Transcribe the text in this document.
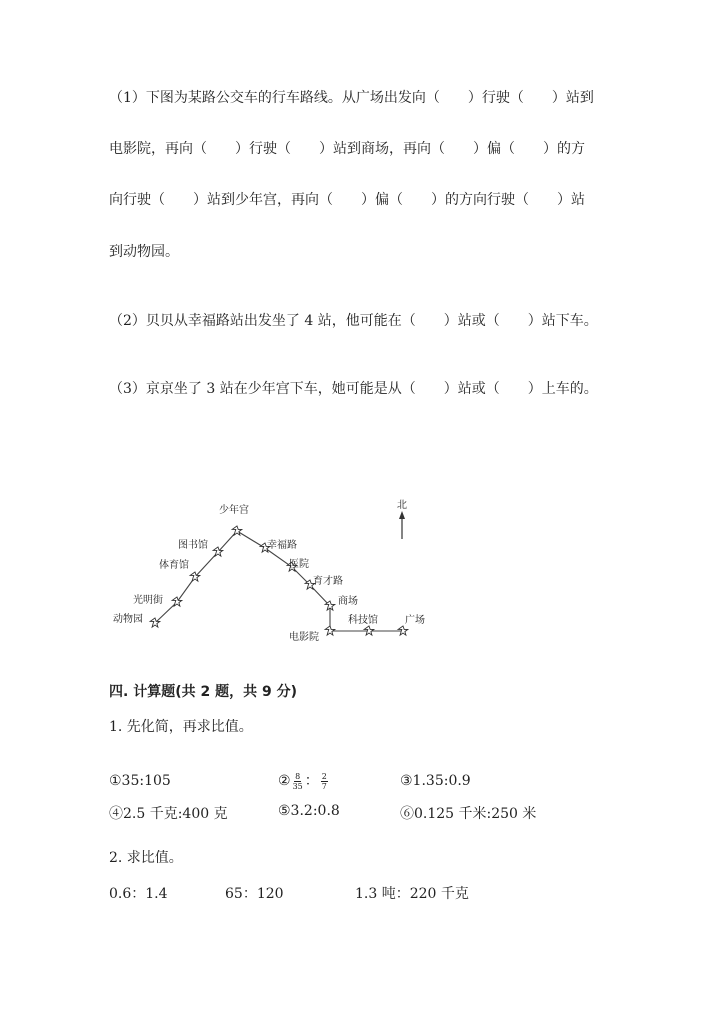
（1）下图为某路公交车的行车路线。从广场出发向（　　）行驶（　　）站到
电影院，再向（　　）行驶（　　）站到商场，再向（　　）偏（　　）的方
向行驶（　　）站到少年宫，再向（　　）偏（　　）的方向行驶（　　）站
到动物园。
（2）贝贝从幸福路站出发坐了 4 站，他可能在（　　）站或（　　）站下车。
（3）京京坐了 3 站在少年宫下车，她可能是从（　　）站或（　　）上车的。
北
少年宫
图书馆
体育馆
光明街
动物园
幸福路
医院
育才路
商场
电影院
科技馆	广场
四. 计算题(共 2 题，共 9 分)
1. 先化简，再求比值。
①35:105	② $\frac{8}{35}$ ： $\frac{2}{7}$	③1.35:0.9
④2.5 千克:400 克	⑤3.2:0.8	⑥0.125 千米:250 米
2. 求比值。
0.6：1.4	65：120	1.3 吨：220 千克
